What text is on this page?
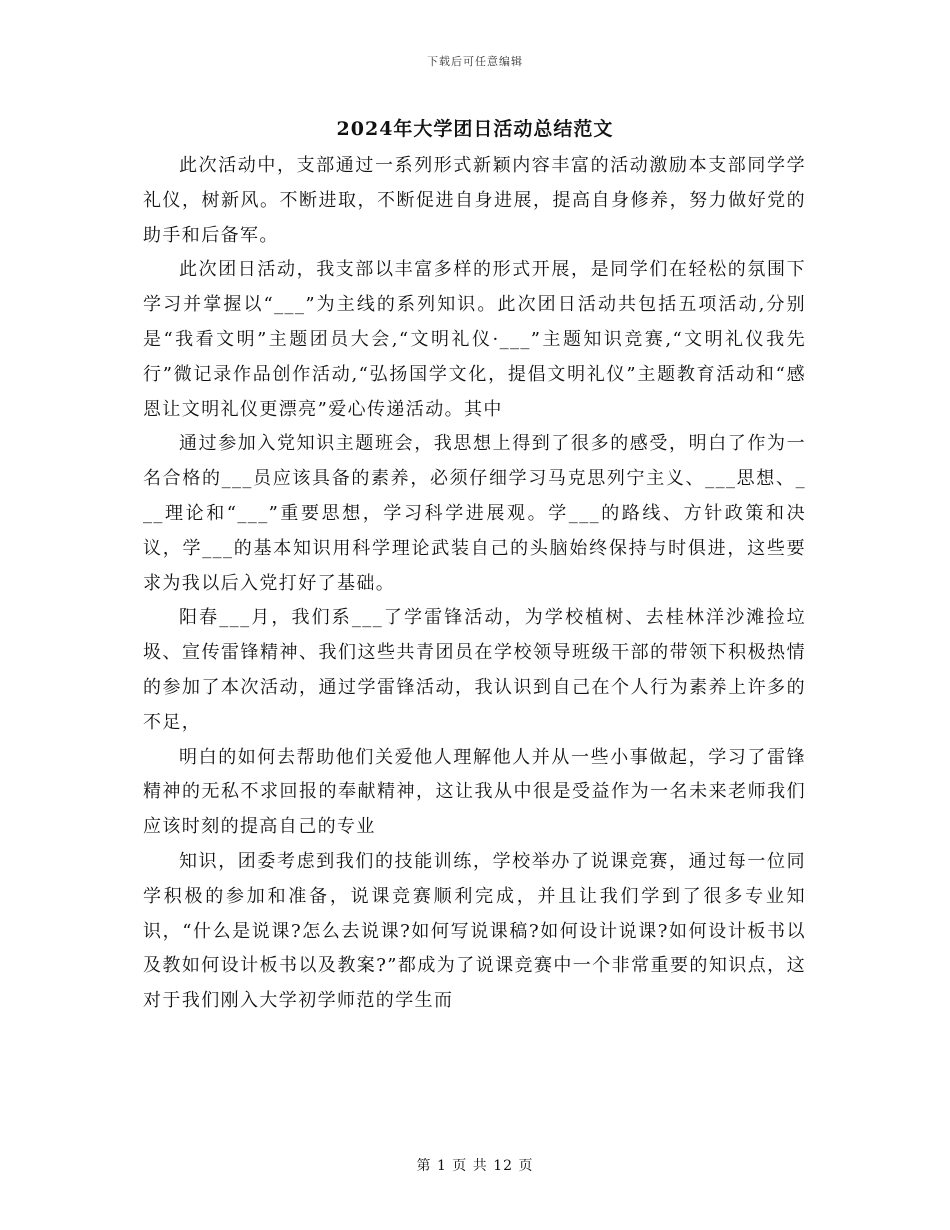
下载后可任意编辑
2024年大学团日活动总结范文

此次活动中，支部通过一系列形式新颖内容丰富的活动激励本支部同学学礼仪，树新风。不断进取，不断促进自身进展，提高自身修养，努力做好党的助手和后备军。

此次团日活动，我支部以丰富多样的形式开展，是同学们在轻松的氛围下学习并掌握以“___”为主线的系列知识。此次团日活动共包括五项活动,分别是“我看文明”主题团员大会,“文明礼仪·___”主题知识竞赛,“文明礼仪我先行”微记录作品创作活动,“弘扬国学文化，提倡文明礼仪”主题教育活动和“感恩让文明礼仪更漂亮”爱心传递活动。其中

通过参加入党知识主题班会，我思想上得到了很多的感受，明白了作为一名合格的___员应该具备的素养，必须仔细学习马克思列宁主义、___思想、___理论和“___”重要思想，学习科学进展观。学___的路线、方针政策和决议，学___的基本知识用科学理论武装自己的头脑始终保持与时俱进，这些要求为我以后入党打好了基础。

阳春___月，我们系___了学雷锋活动，为学校植树、去桂林洋沙滩捡垃圾、宣传雷锋精神、我们这些共青团员在学校领导班级干部的带领下积极热情的参加了本次活动，通过学雷锋活动，我认识到自己在个人行为素养上许多的不足，

明白的如何去帮助他们关爱他人理解他人并从一些小事做起，学习了雷锋精神的无私不求回报的奉献精神，这让我从中很是受益作为一名未来老师我们应该时刻的提高自己的专业

知识，团委考虑到我们的技能训练，学校举办了说课竞赛，通过每一位同学积极的参加和准备，说课竞赛顺利完成，并且让我们学到了很多专业知识，“什么是说课?怎么去说课?如何写说课稿?如何设计说课?如何设计板书以及教如何设计板书以及教案?”都成为了说课竞赛中一个非常重要的知识点，这对于我们刚入大学初学师范的学生而

第 1 页 共 12 页
